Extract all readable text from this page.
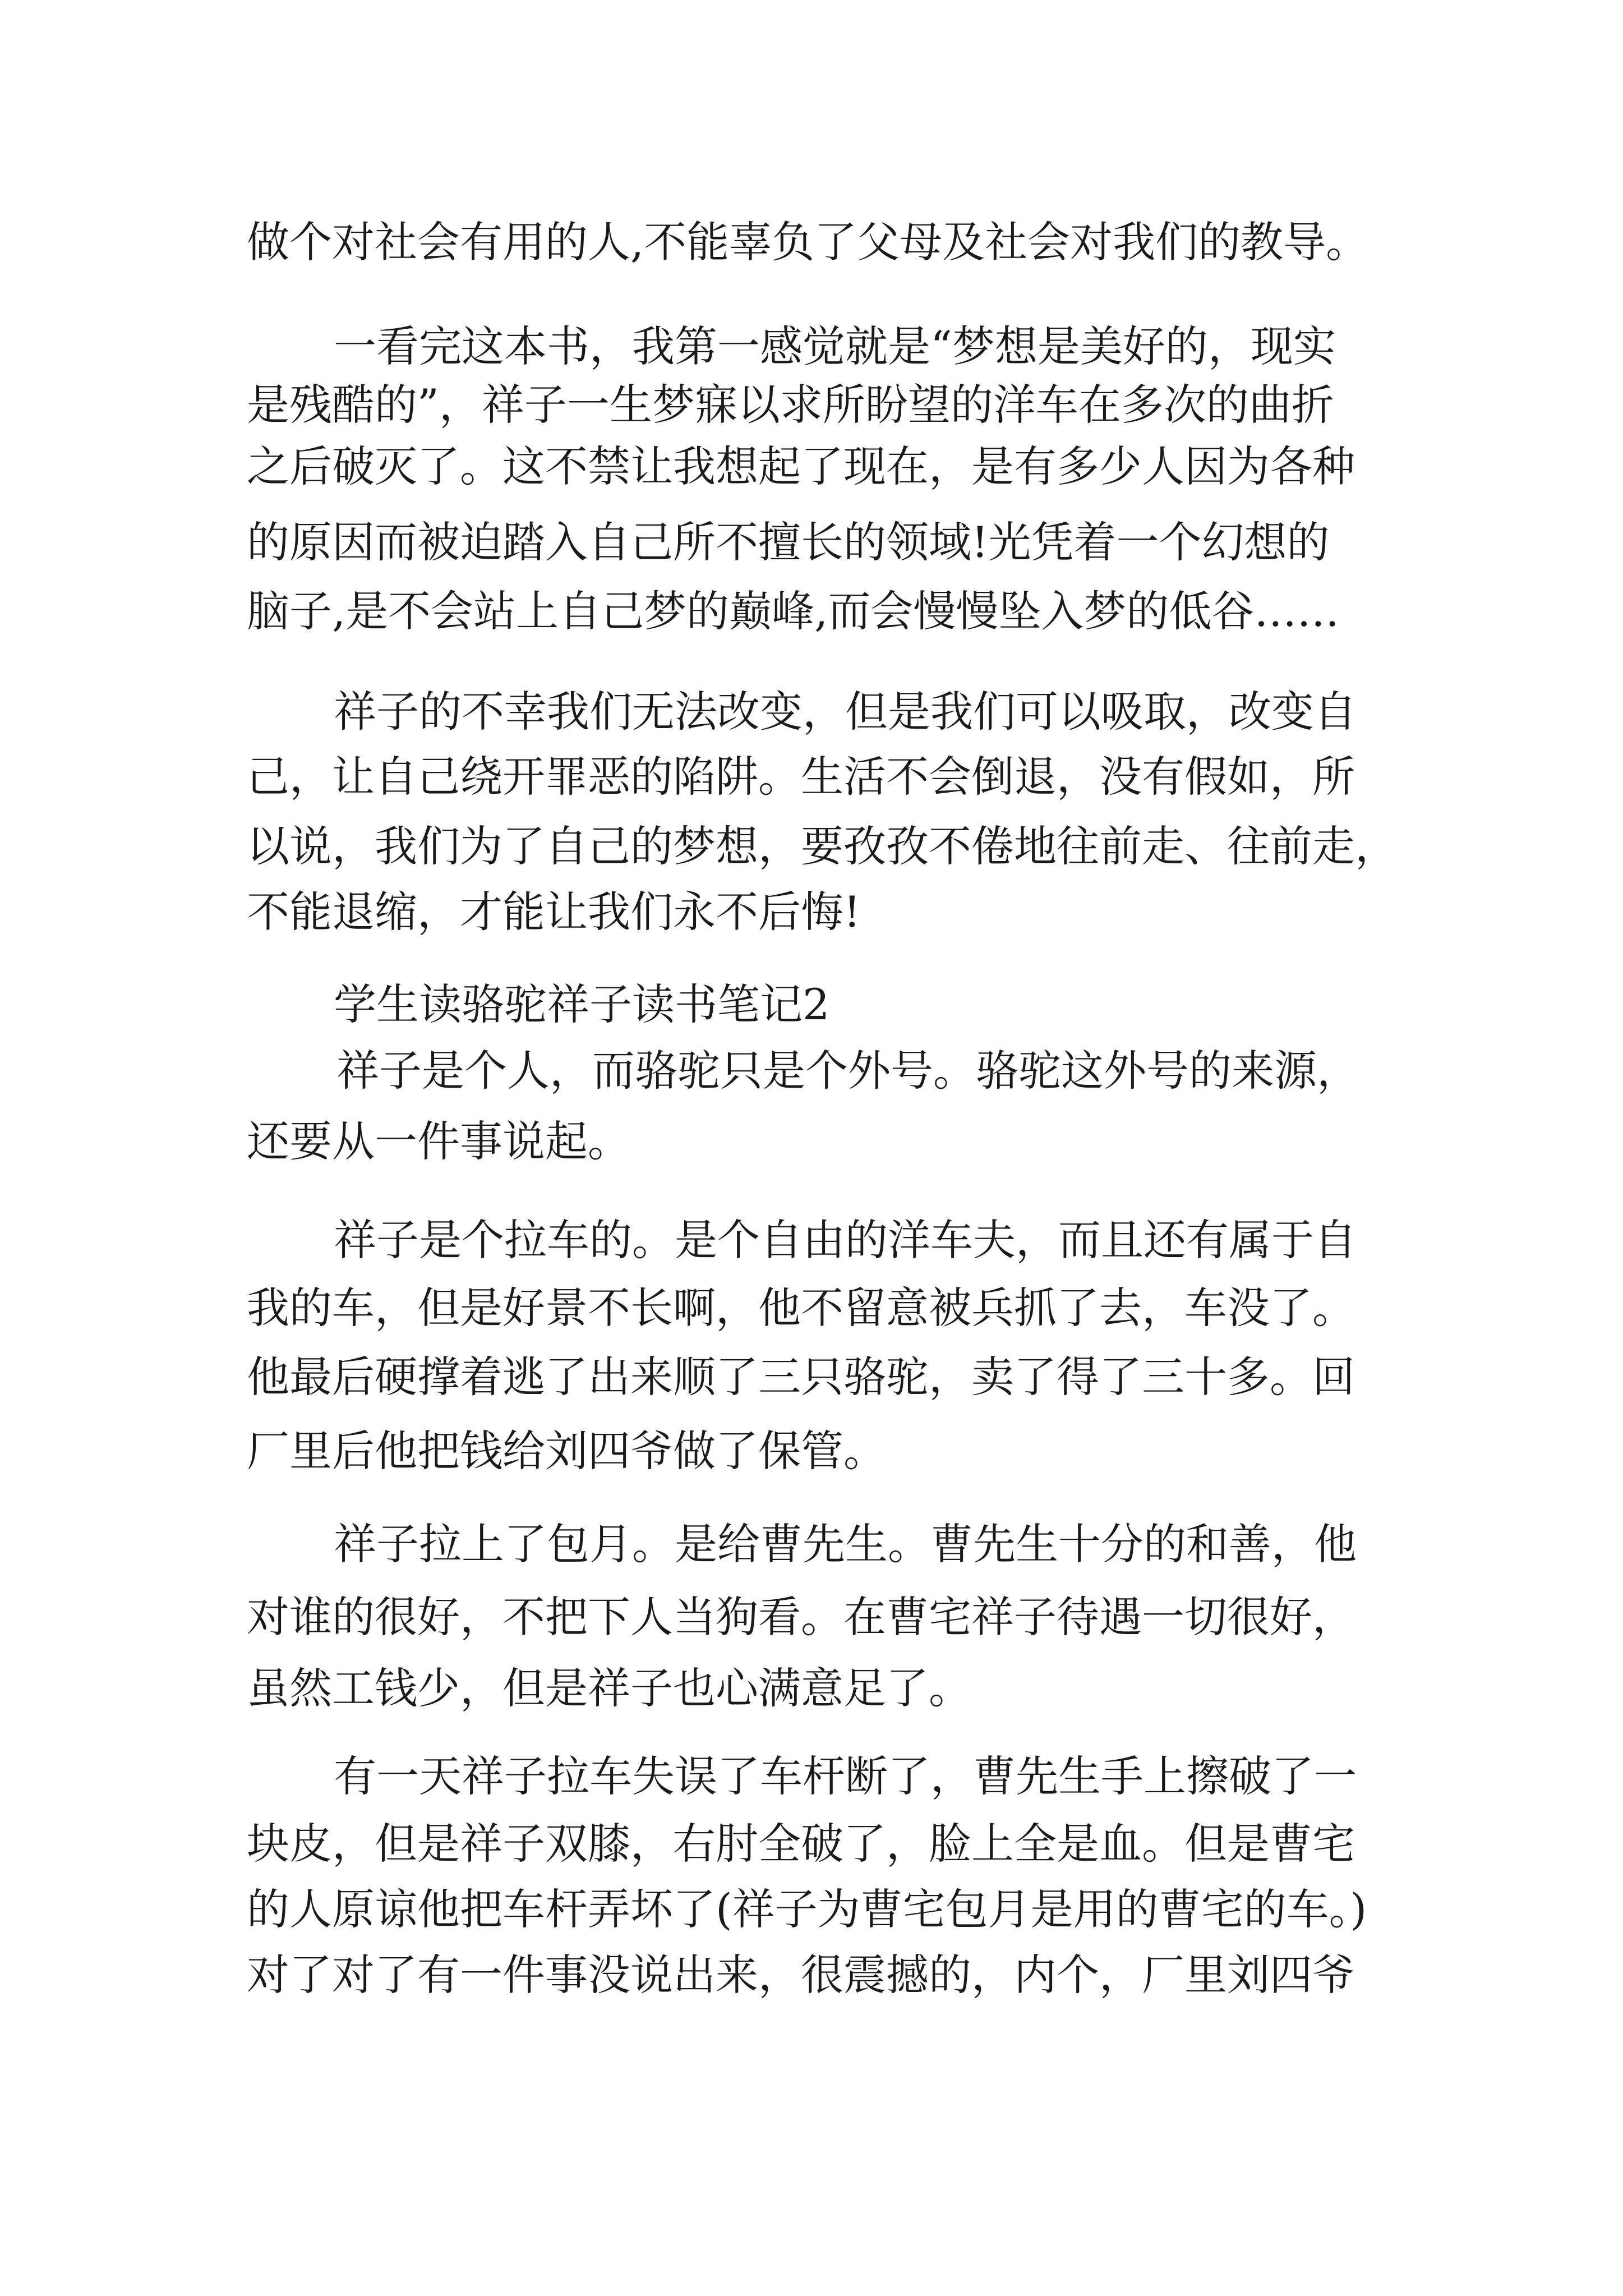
做个对社会有用的人,不能辜负了父母及社会对我们的教导。
一看完这本书，我第一感觉就是“梦想是美好的，现实
是残酷的”，祥子一生梦寐以求所盼望的洋车在多次的曲折
之后破灭了。这不禁让我想起了现在，是有多少人因为各种
的原因而被迫踏入自己所不擅长的领域!光凭着一个幻想的
脑子,是不会站上自己梦的巅峰,而会慢慢坠入梦的低谷……
祥子的不幸我们无法改变，但是我们可以吸取，改变自
己，让自己绕开罪恶的陷阱。生活不会倒退，没有假如，所
以说，我们为了自己的梦想，要孜孜不倦地往前走、往前走，
不能退缩，才能让我们永不后悔!
学生读骆驼祥子读书笔记2
祥子是个人，而骆驼只是个外号。骆驼这外号的来源，
还要从一件事说起。
祥子是个拉车的。是个自由的洋车夫，而且还有属于自
我的车，但是好景不长啊，他不留意被兵抓了去，车没了。
他最后硬撑着逃了出来顺了三只骆驼，卖了得了三十多。回
厂里后他把钱给刘四爷做了保管。
祥子拉上了包月。是给曹先生。曹先生十分的和善，他
对谁的很好，不把下人当狗看。在曹宅祥子待遇一切很好，
虽然工钱少，但是祥子也心满意足了。
有一天祥子拉车失误了车杆断了，曹先生手上擦破了一
块皮，但是祥子双膝，右肘全破了，脸上全是血。但是曹宅
的人原谅他把车杆弄坏了(祥子为曹宅包月是用的曹宅的车。)
对了对了有一件事没说出来，很震撼的，内个，厂里刘四爷
